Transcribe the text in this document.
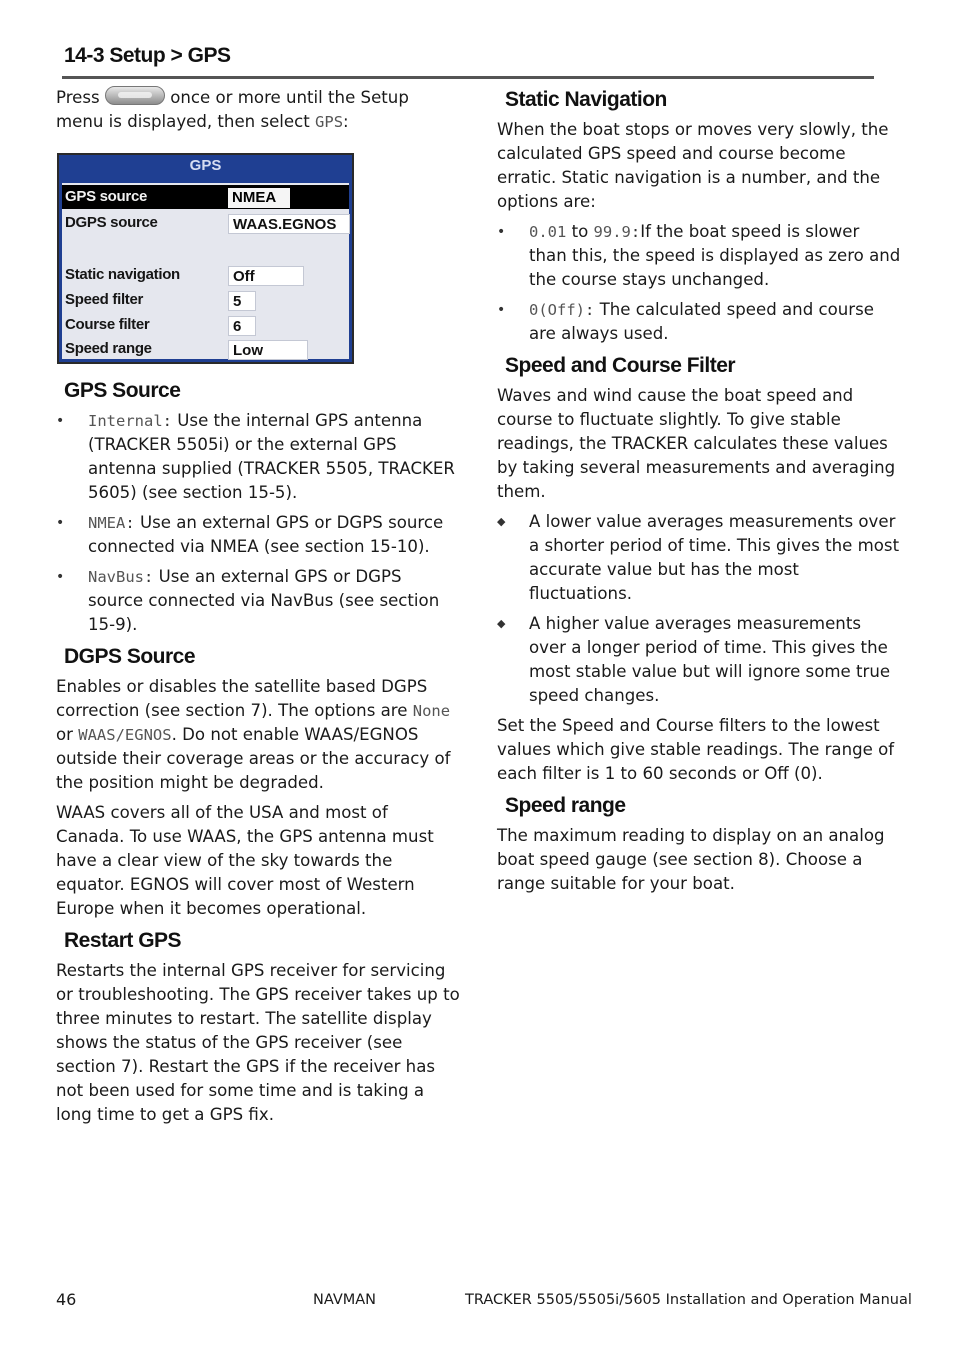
14-3 Setup > GPS

Press	once or more until the Setup menu is displayed, then select GPS:

GPS Source
• Internal: Use the internal GPS antenna (TRACKER 5505i) or the external GPS antenna supplied (TRACKER 5505, TRACKER 5605) (see section 15-5).
• NMEA: Use an external GPS or DGPS source connected via NMEA (see section 15-10).
• NavBus: Use an external GPS or DGPS source connected via NavBus (see section 15-9).
DGPS Source

Enables or disables the satellite based DGPS correction (see section 7). The options are None or WAAS/EGNOS. Do not enable WAAS/EGNOS outside their coverage areas or the accuracy of the position might be degraded.

WAAS covers all of the USA and most of Canada. To use WAAS, the GPS antenna must have a clear view of the sky towards the equator. EGNOS will cover most of Western Europe when it becomes operational.

Restart GPS

Restarts the internal GPS receiver for servicing or troubleshooting. The GPS receiver takes up to three minutes to restart. The satellite display shows the status of the GPS receiver (see section 7). Restart the GPS if the receiver has not been used for some time and is taking a long time to get a GPS fix.

GPS
GPS source	NMEA
DGPS source	WAAS.EGNOS
Static navigation	Off
Speed filter	5
Course filter	6
Speed range	Low
Static Navigation

When the boat stops or moves very slowly, the calculated GPS speed and course become erratic. Static navigation is a number, and the options are:

• 0.01 to 99.9:If the boat speed is slower than this, the speed is displayed as zero and the course stays unchanged.
• 0(Off): The calculated speed and course are always used.
Speed and Course Filter

Waves and wind cause the boat speed and course to fluctuate slightly. To give stable readings, the TRACKER calculates these values by taking several measurements and averaging them.

◆ A lower value averages measurements over a shorter period of time. This gives the most accurate value but has the most fluctuations.
◆ A higher value averages measurements over a longer period of time. This gives the most stable value but will ignore some true speed changes.

Set the Speed and Course filters to the lowest values which give stable readings. The range of each filter is 1 to 60 seconds or Off (0).

Speed range

The maximum reading to display on an analog boat speed gauge (see section 8). Choose a range suitable for your boat.

46	NAVMAN	TRACKER 5505/5505i/5605 Installation and Operation Manual
